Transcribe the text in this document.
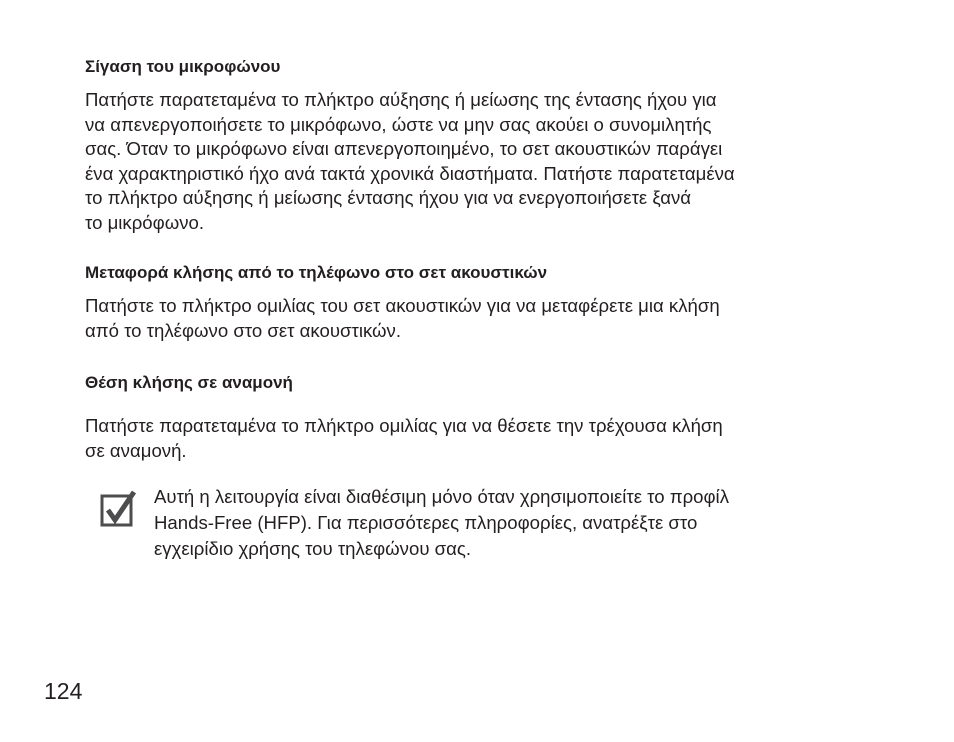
Σίγαση του μικροφώνου

Πατήστε παρατεταμένα το πλήκτρο αύξησης ή μείωσης της έντασης ήχου για
να απενεργοποιήσετε το μικρόφωνο, ώστε να μην σας ακούει ο συνομιλητής
σας. Όταν το μικρόφωνο είναι απενεργοποιημένο, το σετ ακουστικών παράγει
ένα χαρακτηριστικό ήχο ανά τακτά χρονικά διαστήματα. Πατήστε παρατεταμένα
το πλήκτρο αύξησης ή μείωσης έντασης ήχου για να ενεργοποιήσετε ξανά
το μικρόφωνο.

Μεταφορά κλήσης από το τηλέφωνο στο σετ ακουστικών

Πατήστε το πλήκτρο ομιλίας του σετ ακουστικών για να μεταφέρετε μια κλήση
από το τηλέφωνο στο σετ ακουστικών.

Θέση κλήσης σε αναμονή

Πατήστε παρατεταμένα το πλήκτρο ομιλίας για να θέσετε την τρέχουσα κλήση
σε αναμονή.

Αυτή η λειτουργία είναι διαθέσιμη μόνο όταν χρησιμοποιείτε το προφίλ
Hands-Free (HFP). Για περισσότερες πληροφορίες, ανατρέξτε στο
εγχειρίδιο χρήσης του τηλεφώνου σας.

124
